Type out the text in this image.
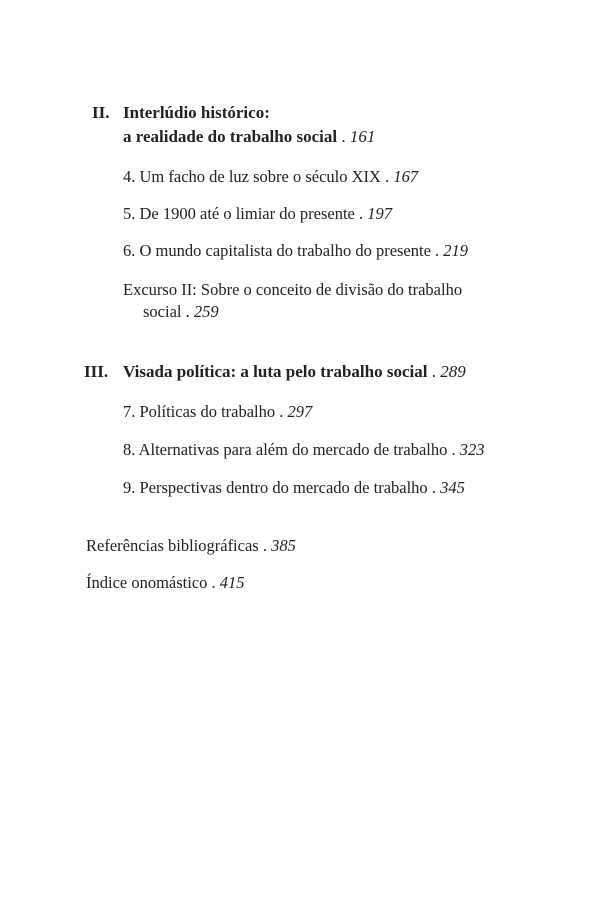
II. Interlúdio histórico:
a realidade do trabalho social . 161
4. Um facho de luz sobre o século XIX . 167
5. De 1900 até o limiar do presente . 197
6. O mundo capitalista do trabalho do presente . 219
Excurso II: Sobre o conceito de divisão do trabalho
social . 259
III. Visada política: a luta pelo trabalho social . 289
7. Políticas do trabalho . 297
8. Alternativas para além do mercado de trabalho . 323
9. Perspectivas dentro do mercado de trabalho . 345
Referências bibliográficas . 385
Índice onomástico . 415
